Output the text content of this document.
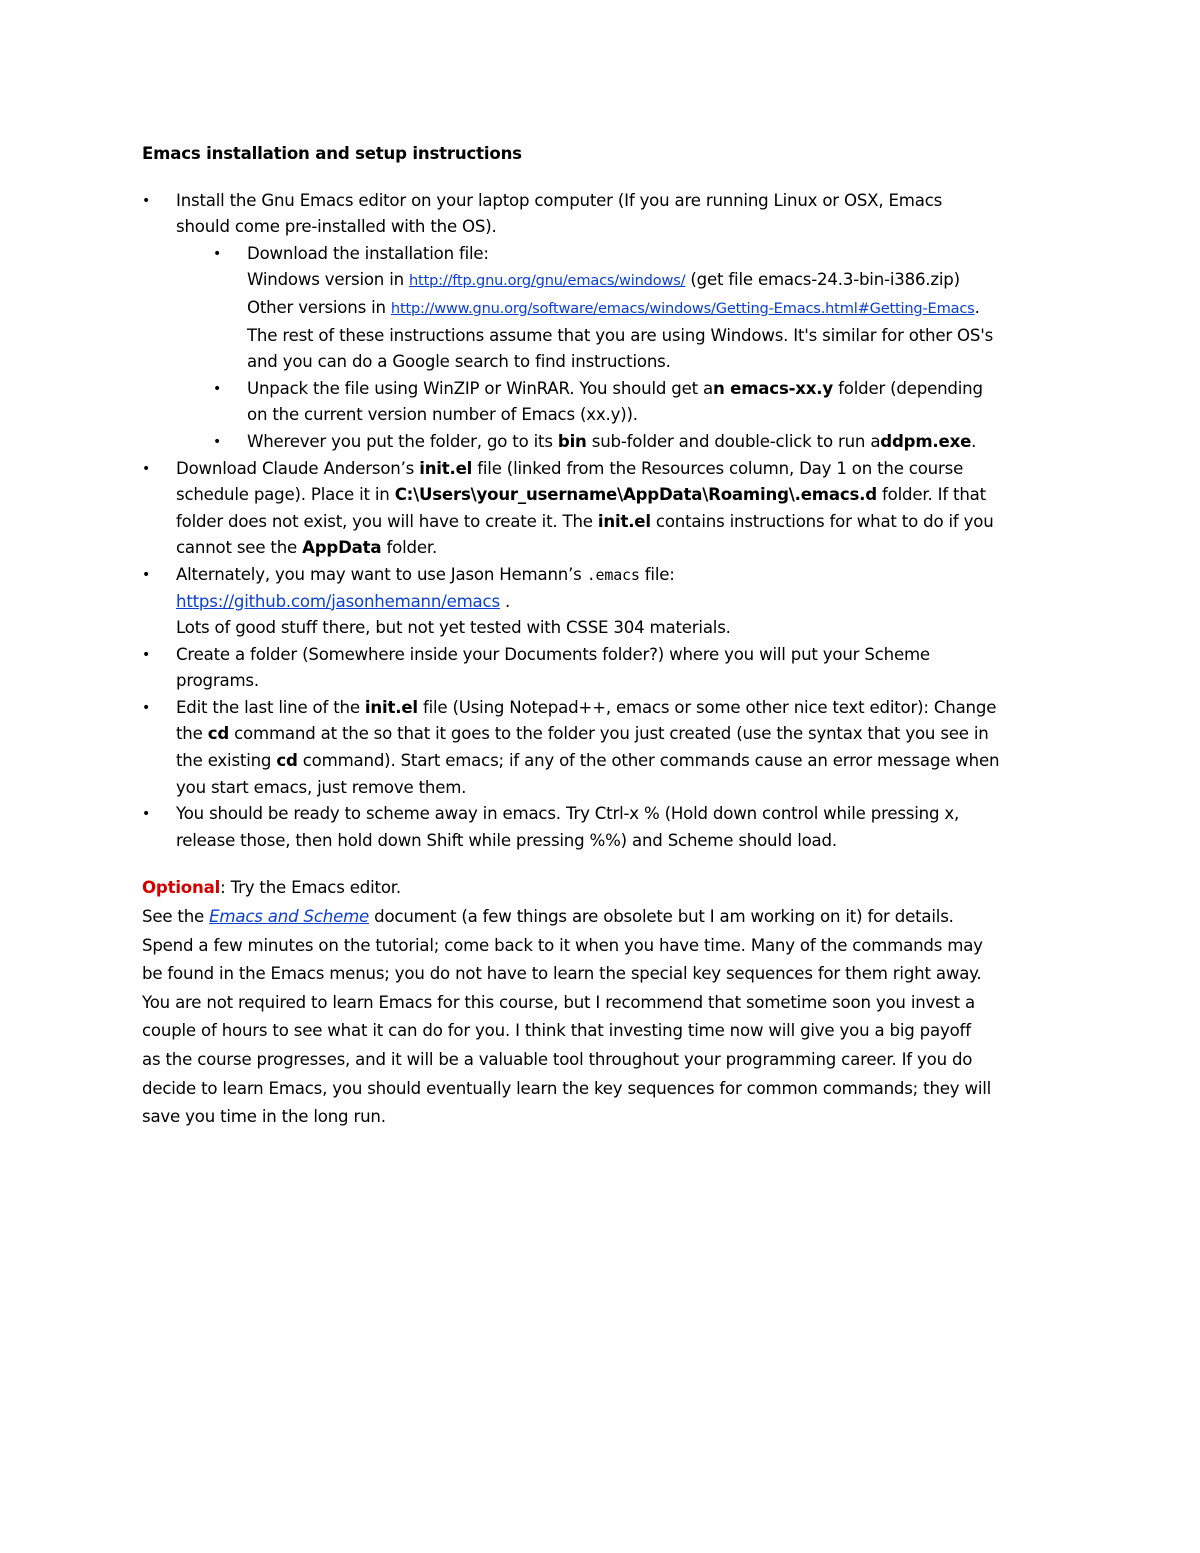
Emacs installation and setup instructions
•	Install the Gnu Emacs editor on your laptop computer (If you are running Linux or OSX, Emacs
should come pre-installed with the OS).
•	Download the installation file:
Windows version in http://ftp.gnu.org/gnu/emacs/windows/ (get file emacs-24.3-bin-i386.zip)
Other versions in http://www.gnu.org/software/emacs/windows/Getting-Emacs.html#Getting-Emacs.
The rest of these instructions assume that you are using Windows. It's similar for other OS's
and you can do a Google search to find instructions.
•	Unpack the file using WinZIP or WinRAR. You should get an emacs-xx.y folder (depending
on the current version number of Emacs (xx.y)).
•	Wherever you put the folder, go to its bin sub-folder and double-click to run addpm.exe.
•	Download Claude Anderson’s init.el file (linked from the Resources column, Day 1 on the course
schedule page). Place it in C:\Users\your_username\AppData\Roaming\.emacs.d folder. If that
folder does not exist, you will have to create it. The init.el contains instructions for what to do if you
cannot see the AppData folder.
•	Alternately, you may want to use Jason Hemann’s .emacs file:
https://github.com/jasonhemann/emacs .
Lots of good stuff there, but not yet tested with CSSE 304 materials.
•	Create a folder (Somewhere inside your Documents folder?) where you will put your Scheme
programs.
•	Edit the last line of the init.el file (Using Notepad++, emacs or some other nice text editor): Change
the cd command at the so that it goes to the folder you just created (use the syntax that you see in
the existing cd command). Start emacs; if any of the other commands cause an error message when
you start emacs, just remove them.
•	You should be ready to scheme away in emacs. Try Ctrl-x % (Hold down control while pressing x,
release those, then hold down Shift while pressing %%) and Scheme should load.
Optional: Try the Emacs editor.
See the Emacs and Scheme document (a few things are obsolete but I am working on it) for details.
Spend a few minutes on the tutorial; come back to it when you have time. Many of the commands may
be found in the Emacs menus; you do not have to learn the special key sequences for them right away.
You are not required to learn Emacs for this course, but I recommend that sometime soon you invest a
couple of hours to see what it can do for you. I think that investing time now will give you a big payoff
as the course progresses, and it will be a valuable tool throughout your programming career. If you do
decide to learn Emacs, you should eventually learn the key sequences for common commands; they will
save you time in the long run.
